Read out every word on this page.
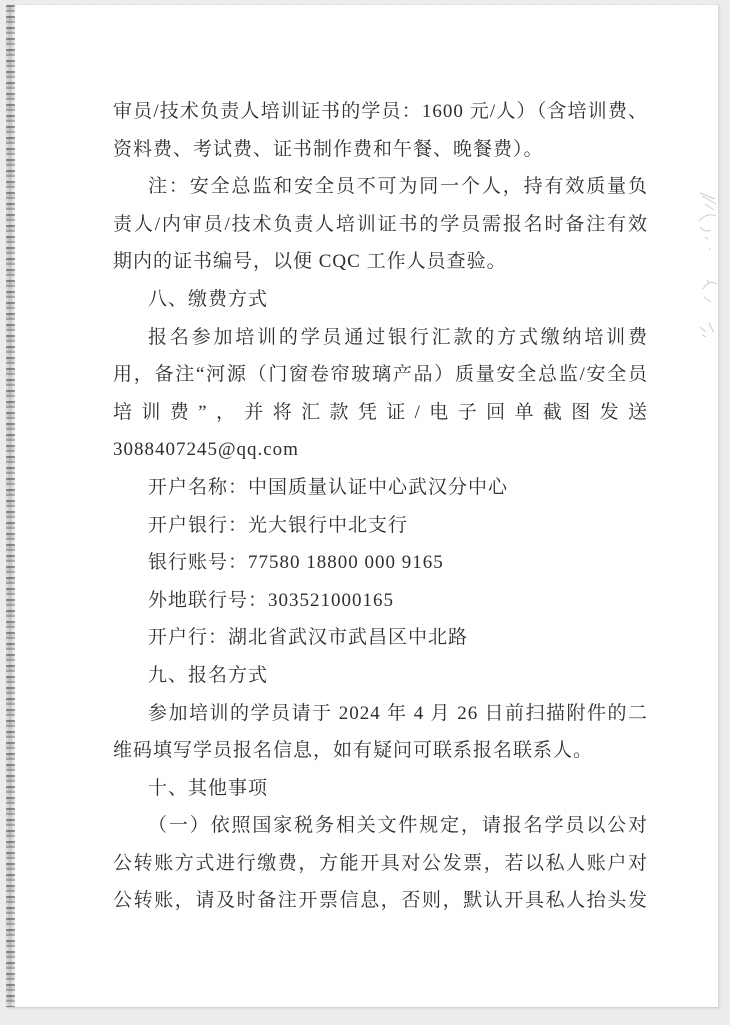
审员/技术负责人培训证书的学员：1600 元/人）（含培训费、
资料费、考试费、证书制作费和午餐、晚餐费）。
注：安全总监和安全员不可为同一个人，持有效质量负
责人/内审员/技术负责人培训证书的学员需报名时备注有效
期内的证书编号，以便 CQC 工作人员查验。
八、缴费方式
报名参加培训的学员通过银行汇款的方式缴纳培训费
用，备注“河源（门窗卷帘玻璃产品）质量安全总监/安全员
培训费”，并将汇款凭证/电子回单截图发送
3088407245@qq.com
开户名称：中国质量认证中心武汉分中心
开户银行：光大银行中北支行
银行账号：77580 18800 000 9165
外地联行号：303521000165
开户行：湖北省武汉市武昌区中北路
九、报名方式
参加培训的学员请于 2024 年 4 月 26 日前扫描附件的二
维码填写学员报名信息，如有疑问可联系报名联系人。
十、其他事项
（一）依照国家税务相关文件规定，请报名学员以公对
公转账方式进行缴费，方能开具对公发票，若以私人账户对
公转账，请及时备注开票信息，否则，默认开具私人抬头发
